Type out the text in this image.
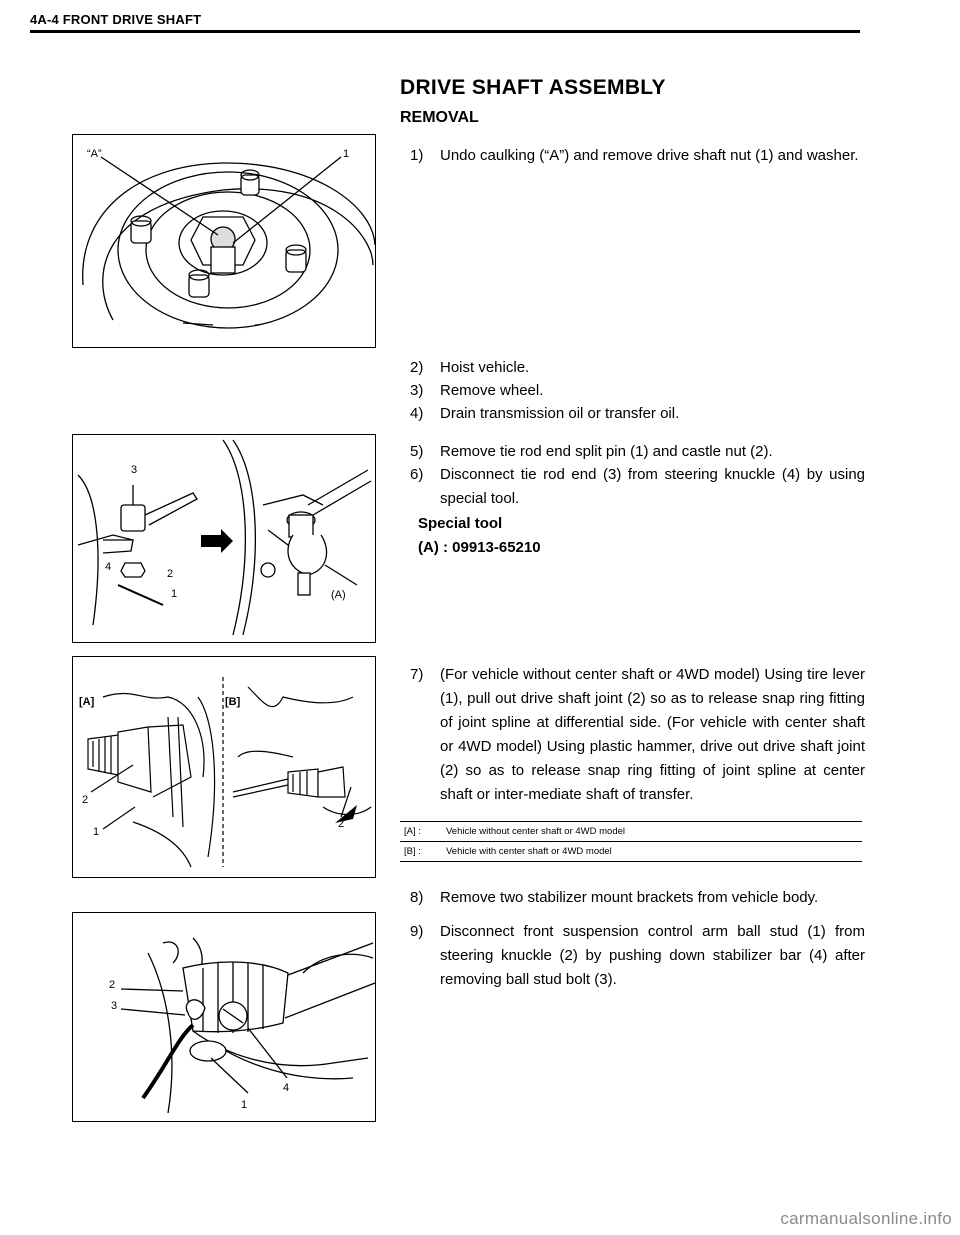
4A-4 FRONT DRIVE SHAFT
DRIVE SHAFT ASSEMBLY
REMOVAL
“A”	1	1) Undo caulking (“A”) and remove drive shaft nut (1) and washer.
2) Hoist vehicle.
3) Remove wheel.
4) Drain transmission oil or transfer oil.
3
4
2
1	(A)
5) Remove tie rod end split pin (1) and castle nut (2).
6) Disconnect tie rod end (3) from steering knuckle (4) by using special tool.
Special tool
(A) : 09913-65210
[A]	[B]
2
1
2
7) (For vehicle without center shaft or 4WD model) Using tire lever (1), pull out drive shaft joint (2) so as to release snap ring fitting of joint spline at differential side. (For vehicle with center shaft or 4WD model) Using plastic hammer, drive out drive shaft joint (2) so as to release snap ring fitting of joint spline at center shaft or inter-mediate shaft of transfer.
[A] :	Vehicle without center shaft or 4WD model
[B] :	Vehicle with center shaft or 4WD model
8) Remove two stabilizer mount brackets from vehicle body.
2
3
4
1
9) Disconnect front suspension control arm ball stud (1) from steering knuckle (2) by pushing down stabilizer bar (4) after removing ball stud bolt (3).
carmanualsonline.info
